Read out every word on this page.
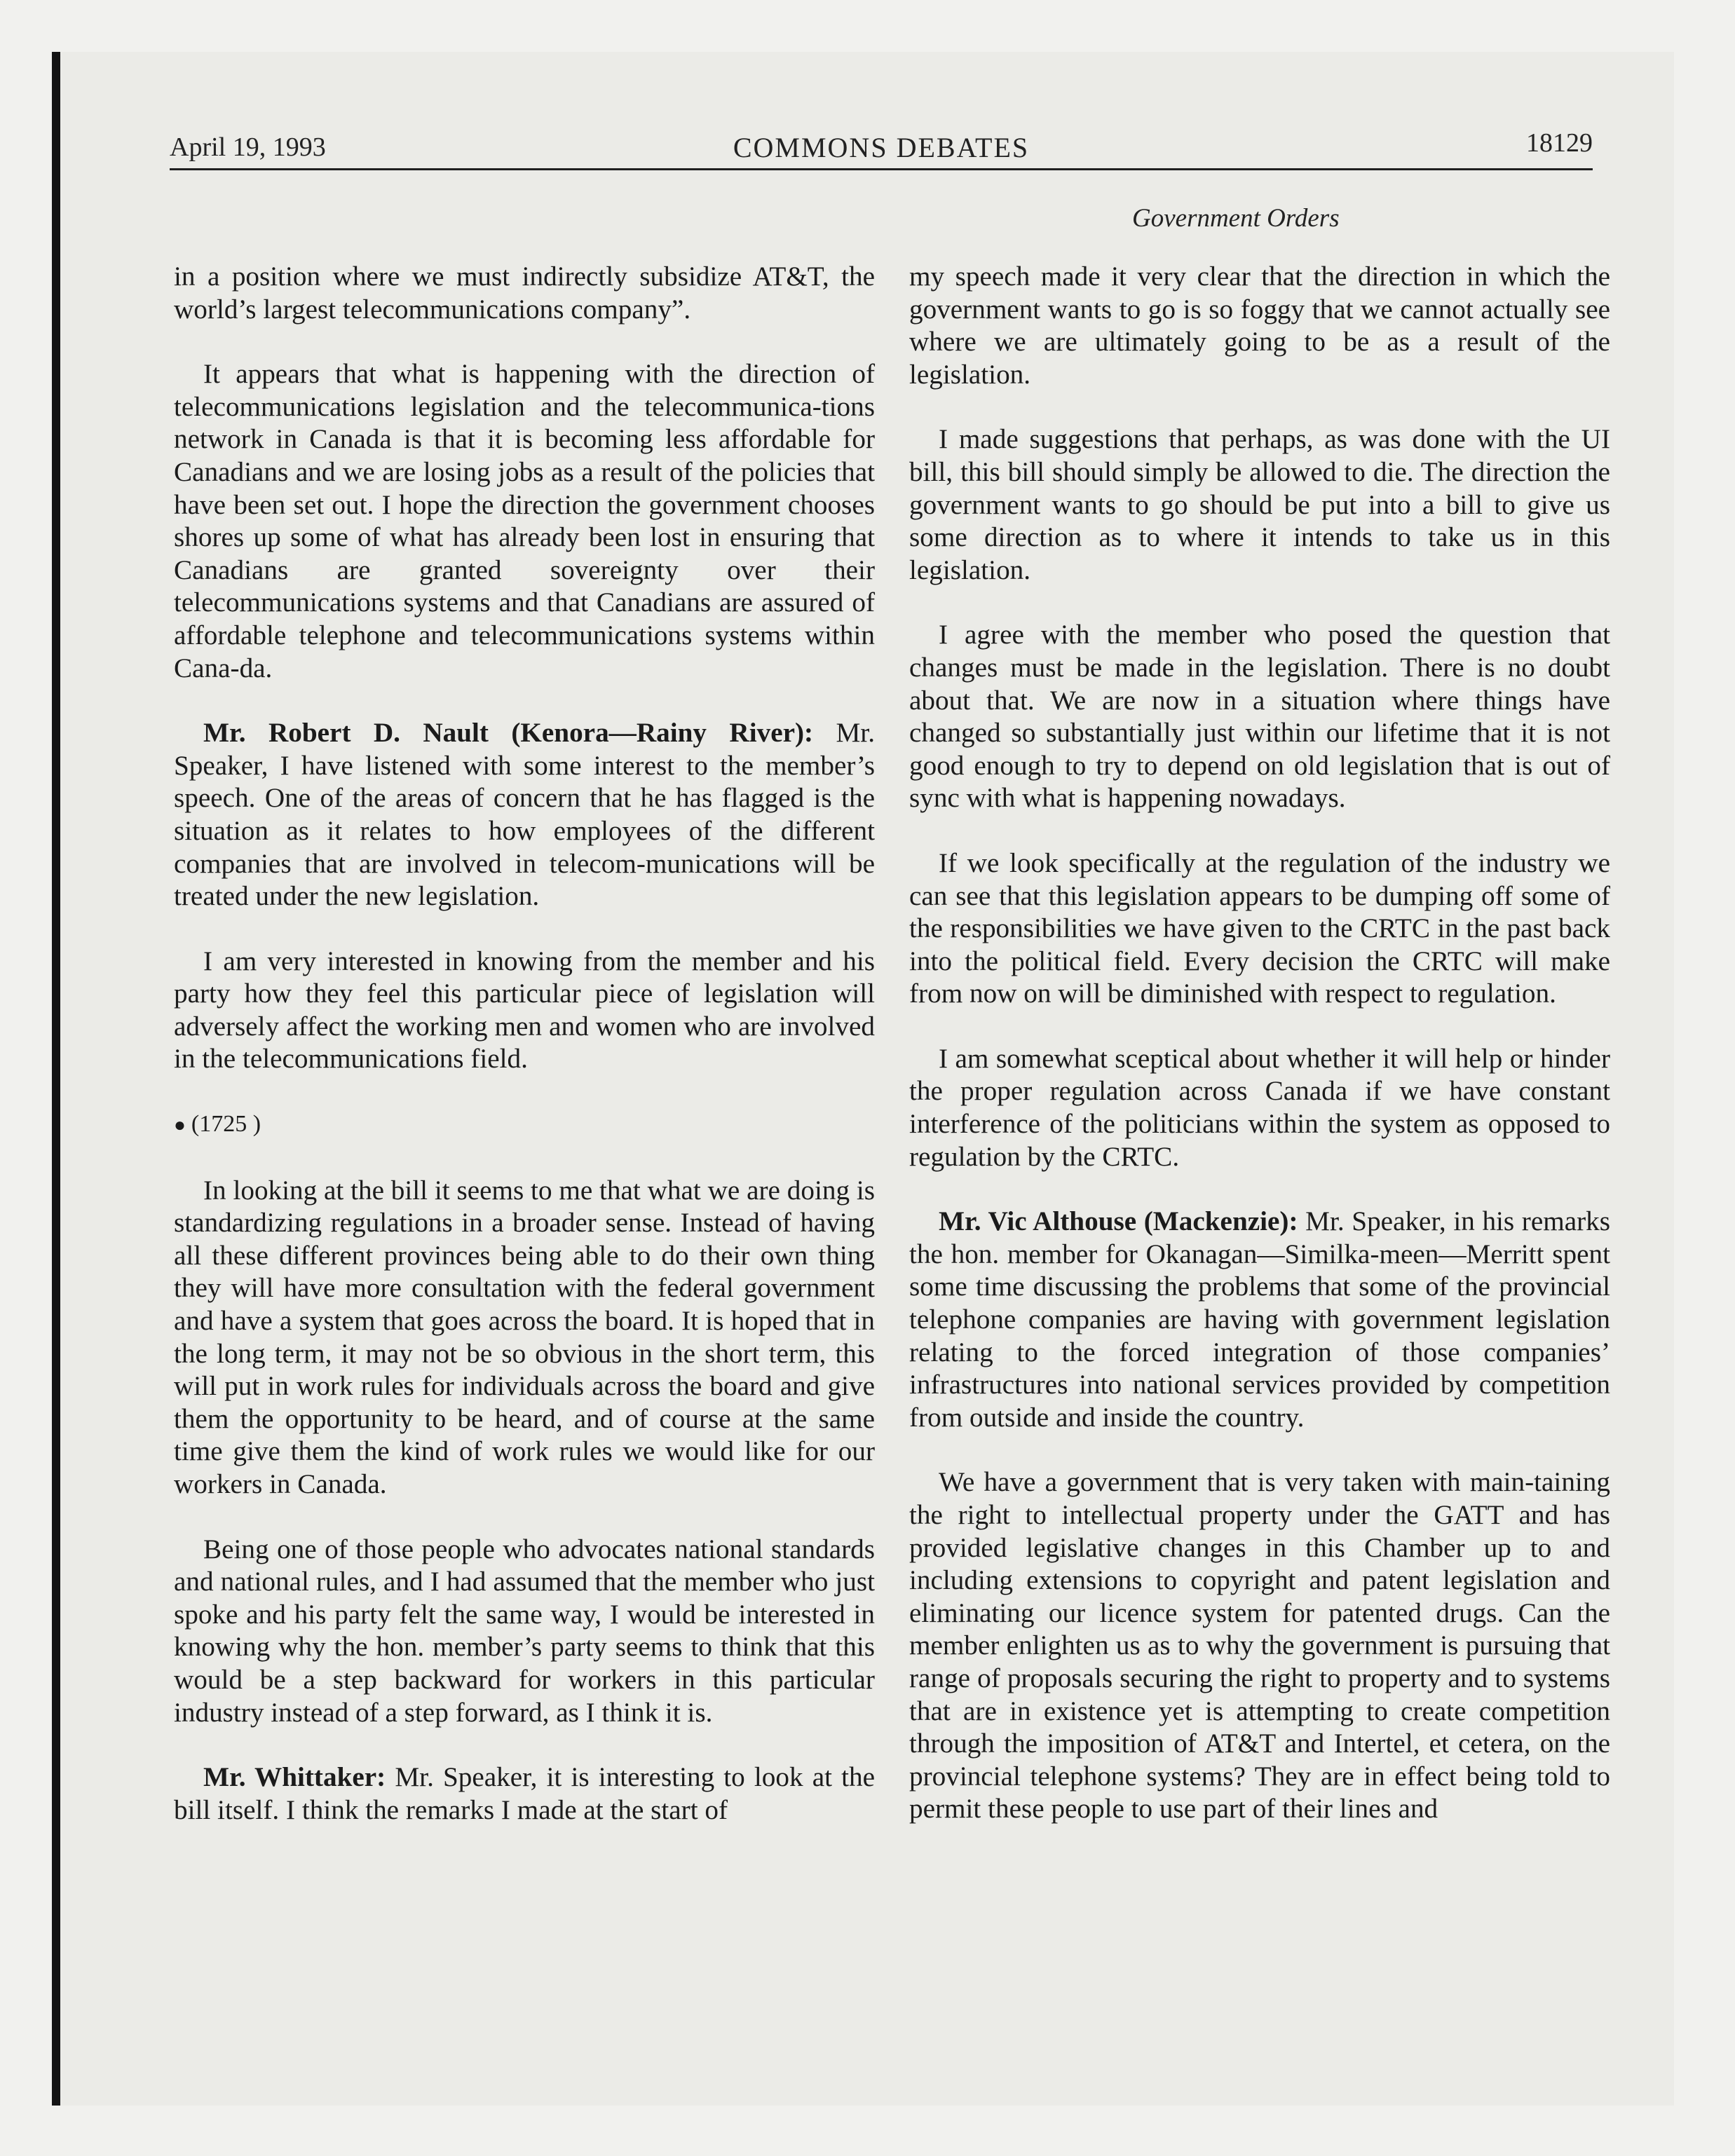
April 19, 1993	COMMONS DEBATES	18129
Government Orders

in a position where we must indirectly subsidize AT&T, the world’s largest telecommunications company”.

It appears that what is happening with the direction of telecommunications legislation and the telecommunica-tions network in Canada is that it is becoming less affordable for Canadians and we are losing jobs as a result of the policies that have been set out. I hope the direction the government chooses shores up some of what has already been lost in ensuring that Canadians are granted sovereignty over their telecommunications systems and that Canadians are assured of affordable telephone and telecommunications systems within Cana-da.

Mr. Robert D. Nault (Kenora—Rainy River): Mr. Speaker, I have listened with some interest to the member’s speech. One of the areas of concern that he has flagged is the situation as it relates to how employees of the different companies that are involved in telecom-munications will be treated under the new legislation.

I am very interested in knowing from the member and his party how they feel this particular piece of legislation will adversely affect the working men and women who are involved in the telecommunications field.

● (1725 )

In looking at the bill it seems to me that what we are doing is standardizing regulations in a broader sense. Instead of having all these different provinces being able to do their own thing they will have more consultation with the federal government and have a system that goes across the board. It is hoped that in the long term, it may not be so obvious in the short term, this will put in work rules for individuals across the board and give them the opportunity to be heard, and of course at the same time give them the kind of work rules we would like for our workers in Canada.

Being one of those people who advocates national standards and national rules, and I had assumed that the member who just spoke and his party felt the same way, I would be interested in knowing why the hon. member’s party seems to think that this would be a step backward for workers in this particular industry instead of a step forward, as I think it is.

Mr. Whittaker: Mr. Speaker, it is interesting to look at the bill itself. I think the remarks I made at the start of

my speech made it very clear that the direction in which the government wants to go is so foggy that we cannot actually see where we are ultimately going to be as a result of the legislation.

I made suggestions that perhaps, as was done with the UI bill, this bill should simply be allowed to die. The direction the government wants to go should be put into a bill to give us some direction as to where it intends to take us in this legislation.

I agree with the member who posed the question that changes must be made in the legislation. There is no doubt about that. We are now in a situation where things have changed so substantially just within our lifetime that it is not good enough to try to depend on old legislation that is out of sync with what is happening nowadays.

If we look specifically at the regulation of the industry we can see that this legislation appears to be dumping off some of the responsibilities we have given to the CRTC in the past back into the political field. Every decision the CRTC will make from now on will be diminished with respect to regulation.

I am somewhat sceptical about whether it will help or hinder the proper regulation across Canada if we have constant interference of the politicians within the system as opposed to regulation by the CRTC.

Mr. Vic Althouse (Mackenzie): Mr. Speaker, in his remarks the hon. member for Okanagan—Similka-meen—Merritt spent some time discussing the problems that some of the provincial telephone companies are having with government legislation relating to the forced integration of those companies’ infrastructures into national services provided by competition from outside and inside the country.

We have a government that is very taken with main-taining the right to intellectual property under the GATT and has provided legislative changes in this Chamber up to and including extensions to copyright and patent legislation and eliminating our licence system for patented drugs. Can the member enlighten us as to why the government is pursuing that range of proposals securing the right to property and to systems that are in existence yet is attempting to create competition through the imposition of AT&T and Intertel, et cetera, on the provincial telephone systems? They are in effect being told to permit these people to use part of their lines and
